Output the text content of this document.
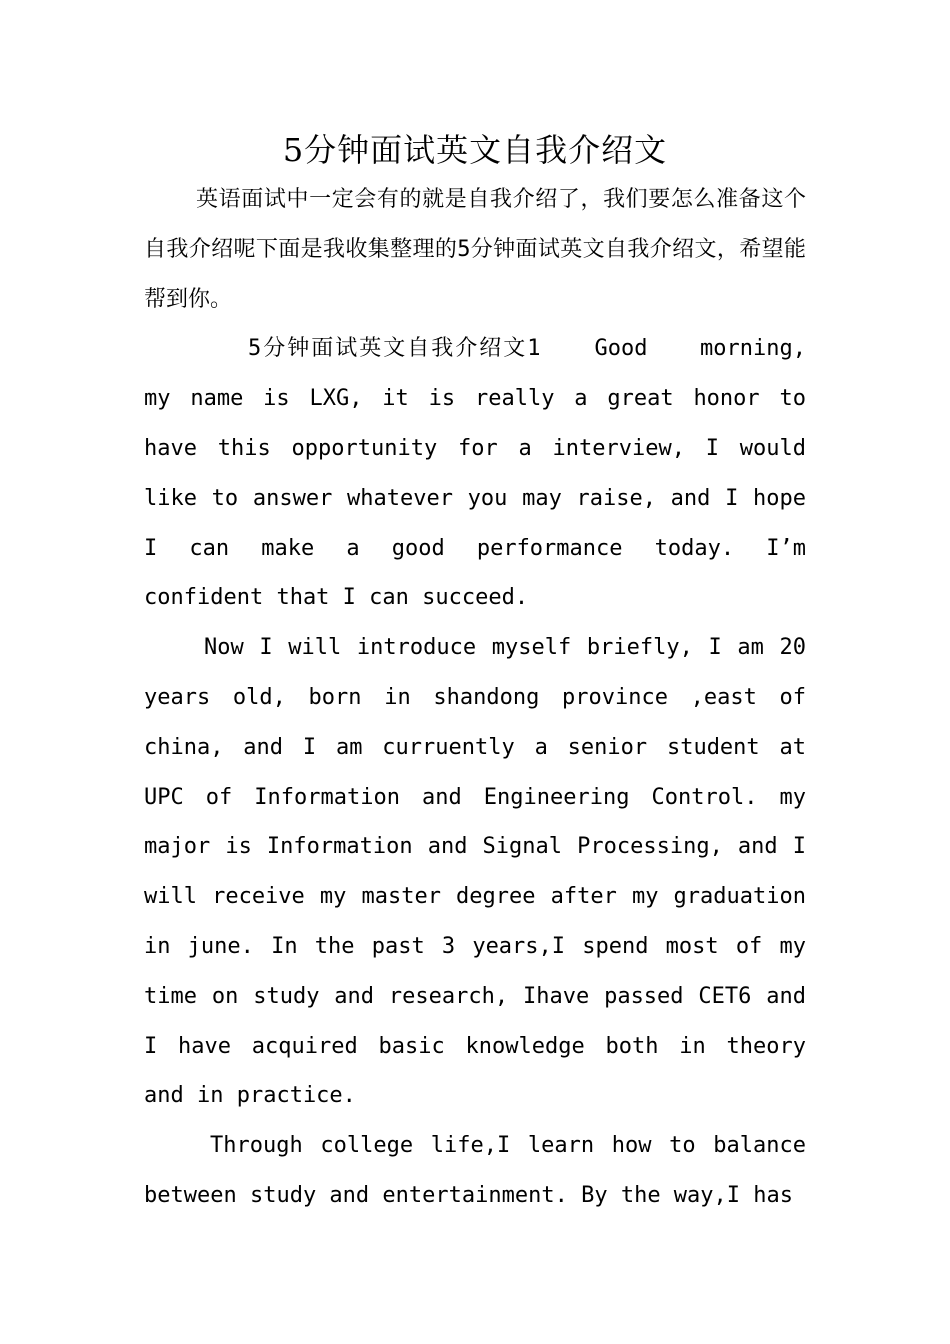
5分钟面试英文自我介绍文

英语面试中一定会有的就是自我介绍了，我们要怎么准备这个自我介绍呢下面是我收集整理的5分钟面试英文自我介绍文，希望能帮到你。

5分钟面试英文自我介绍文1 Good morning, my name is LXG, it is really a great honor to have this opportunity for a interview, I would like to answer whatever you may raise, and I hope I can make a good performance today. I’m confident that I can succeed.

Now I will introduce myself briefly, I am 20 years old, born in shandong province ,east of china, and I am curruently a senior student at UPC of Information and Engineering Control. my major is Information and Signal Processing, and I will receive my master degree after my graduation in june. In the past 3 years,I spend most of my time on study and research, Ihave passed CET6 and I have acquired basic knowledge both in theory and in practice.

Through college life,I learn how to balance between study and entertainment. By the way,I has
